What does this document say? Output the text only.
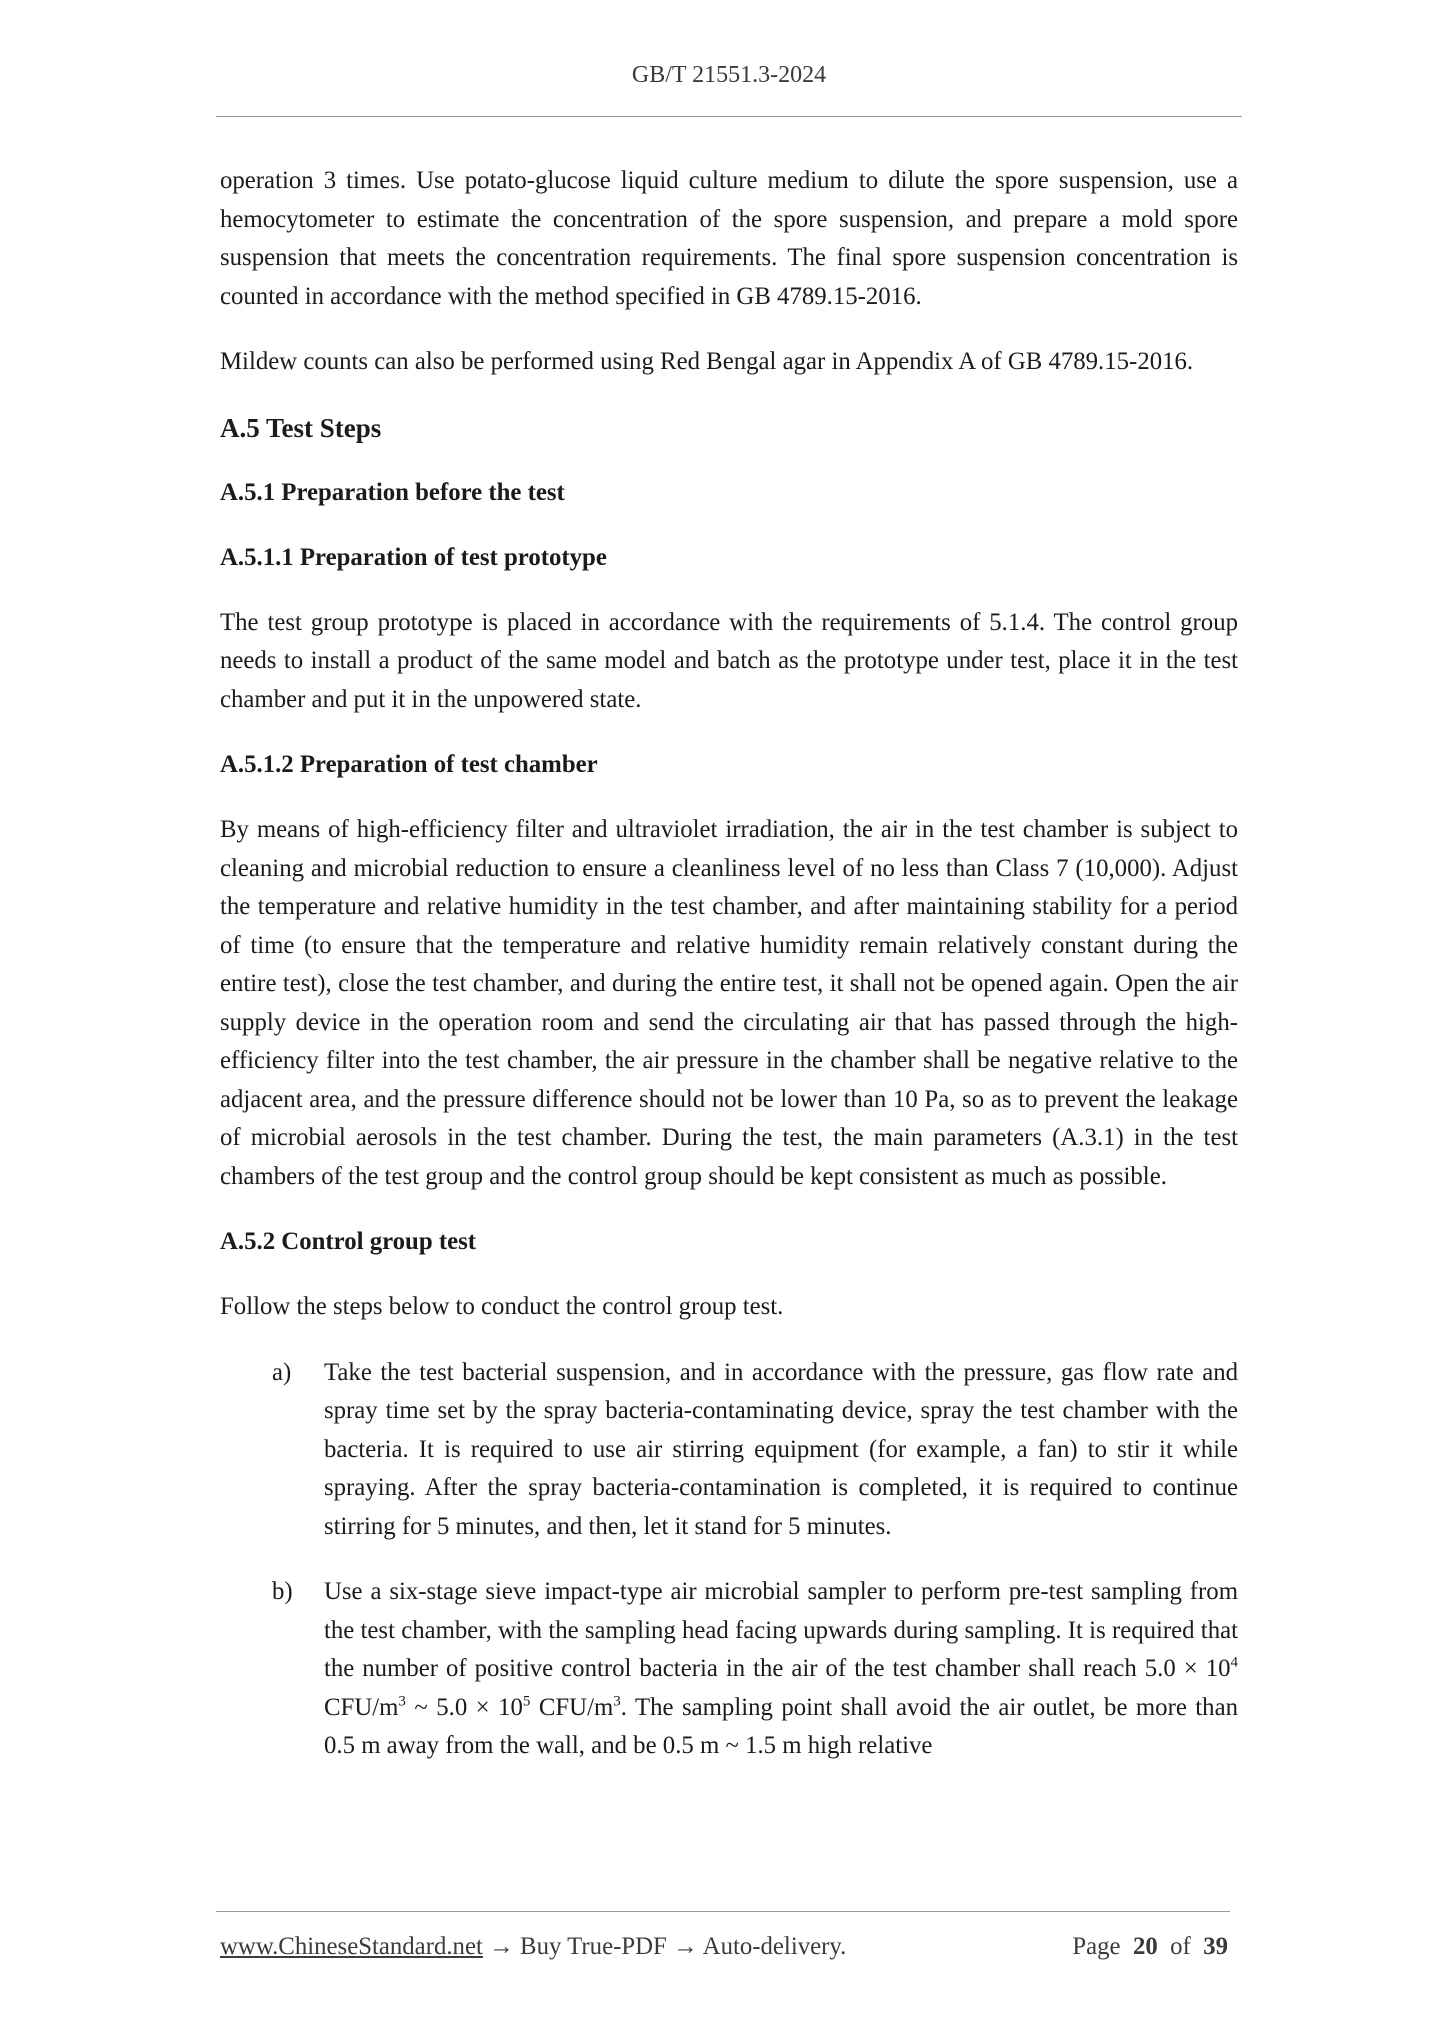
GB/T 21551.3-2024

operation 3 times. Use potato-glucose liquid culture medium to dilute the spore suspension, use a hemocytometer to estimate the concentration of the spore suspension, and prepare a mold spore suspension that meets the concentration requirements. The final spore suspension concentration is counted in accordance with the method specified in GB 4789.15-2016.

Mildew counts can also be performed using Red Bengal agar in Appendix A of GB 4789.15-2016.

A.5 Test Steps
A.5.1 Preparation before the test
A.5.1.1 Preparation of test prototype

The test group prototype is placed in accordance with the requirements of 5.1.4. The control group needs to install a product of the same model and batch as the prototype under test, place it in the test chamber and put it in the unpowered state.

A.5.1.2 Preparation of test chamber

By means of high-efficiency filter and ultraviolet irradiation, the air in the test chamber is subject to cleaning and microbial reduction to ensure a cleanliness level of no less than Class 7 (10,000). Adjust the temperature and relative humidity in the test chamber, and after maintaining stability for a period of time (to ensure that the temperature and relative humidity remain relatively constant during the entire test), close the test chamber, and during the entire test, it shall not be opened again. Open the air supply device in the operation room and send the circulating air that has passed through the high-efficiency filter into the test chamber, the air pressure in the chamber shall be negative relative to the adjacent area, and the pressure difference should not be lower than 10 Pa, so as to prevent the leakage of microbial aerosols in the test chamber. During the test, the main parameters (A.3.1) in the test chambers of the test group and the control group should be kept consistent as much as possible.

A.5.2 Control group test

Follow the steps below to conduct the control group test.

a)	Take the test bacterial suspension, and in accordance with the pressure, gas flow rate and spray time set by the spray bacteria-contaminating device, spray the test chamber with the bacteria. It is required to use air stirring equipment (for example, a fan) to stir it while spraying. After the spray bacteria-contamination is completed, it is required to continue stirring for 5 minutes, and then, let it stand for 5 minutes.

b)	Use a six-stage sieve impact-type air microbial sampler to perform pre-test sampling from the test chamber, with the sampling head facing upwards during sampling. It is required that the number of positive control bacteria in the air of the test chamber shall reach $5.0 \times 10^4$ CFU/$m^3$ ~ $5.0 \times 10^5$ CFU/$m^3$. The sampling point shall avoid the air outlet, be more than 0.5 m away from the wall, and be 0.5 m ~ 1.5 m high relative

www.ChineseStandard.net → Buy True-PDF → Auto-delivery.	Page 20 of 39
